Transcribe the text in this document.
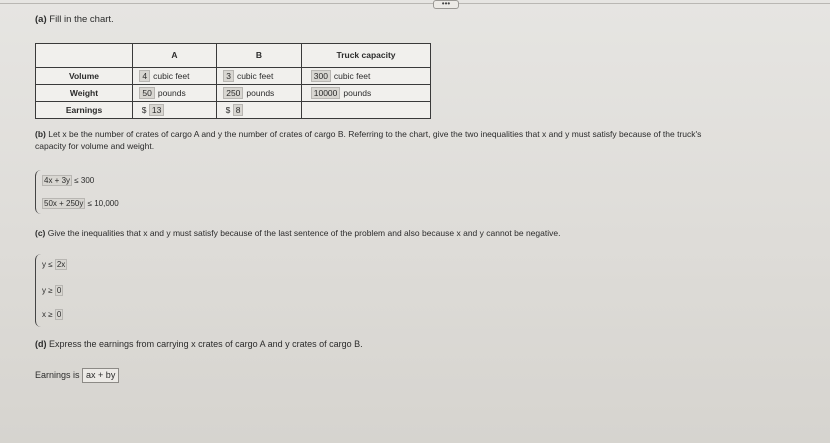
•••
(a) Fill in the chart.
	A	B	Truck capacity
Volume	4 cubic feet	3 cubic feet	300 cubic feet
Weight	50 pounds	250 pounds	10000 pounds
Earnings	$ 13	$ 8	
(b) Let x be the number of crates of cargo A and y the number of crates of cargo B. Referring to the chart, give the two inequalities that x and y must satisfy because of the truck's
capacity for volume and weight.
4x + 3y ≤ 300
50x + 250y ≤ 10,000
(c) Give the inequalities that x and y must satisfy because of the last sentence of the problem and also because x and y cannot be negative.
y ≤ 2x
y ≥ 0
x ≥ 0
(d) Express the earnings from carrying x crates of cargo A and y crates of cargo B.
Earnings is ax + by
